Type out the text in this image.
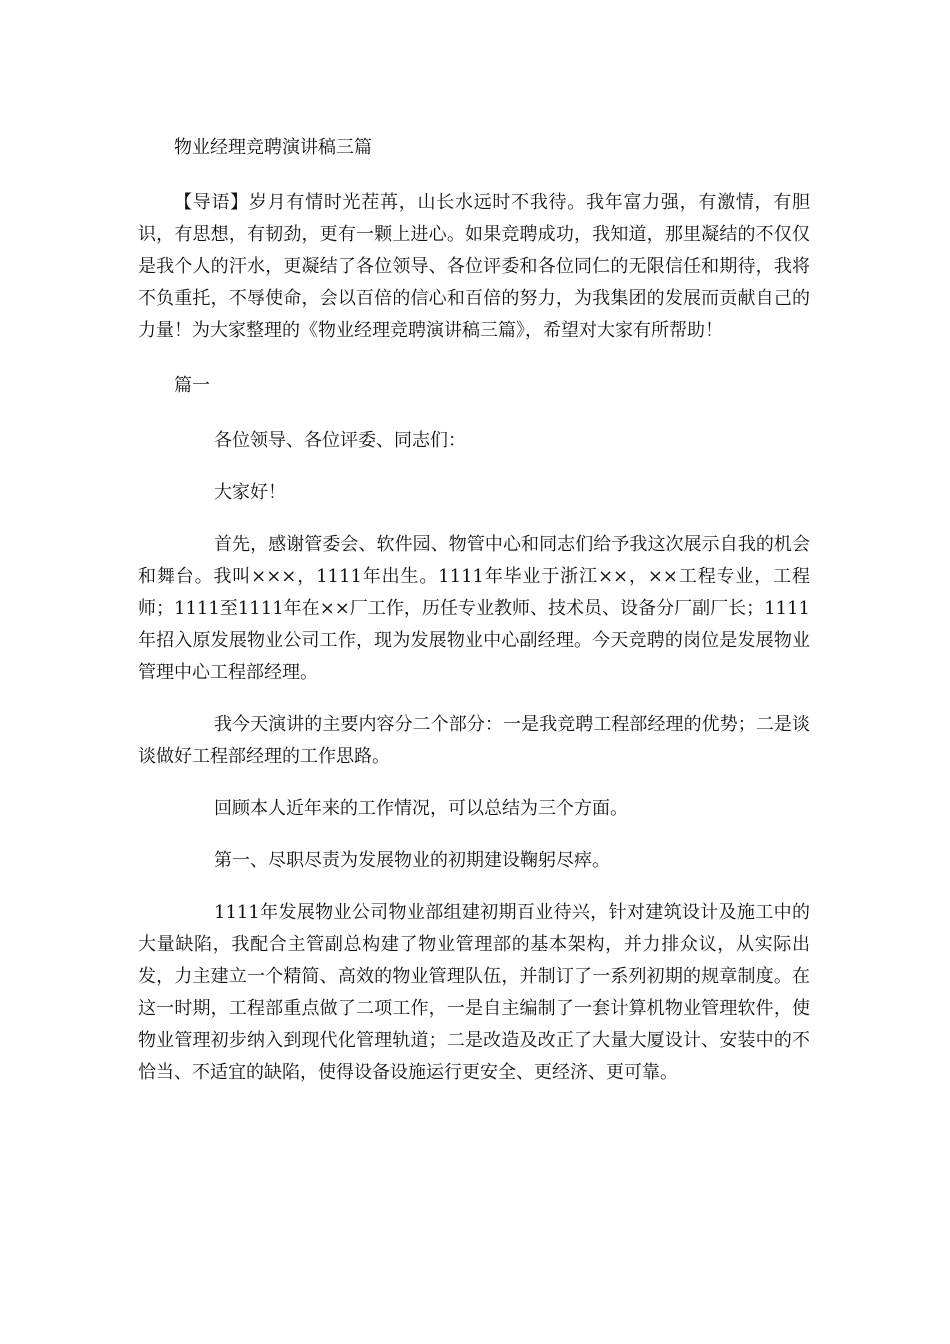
物业经理竞聘演讲稿三篇
【导语】岁月有情时光茬苒，山长水远时不我待。我年富力强，有激情，有胆识，有思想，有韧劲，更有一颗上进心。如果竞聘成功，我知道，那里凝结的不仅仅是我个人的汗水，更凝结了各位领导、各位评委和各位同仁的无限信任和期待，我将不负重托，不辱使命，会以百倍的信心和百倍的努力，为我集团的发展而贡献自己的力量！为大家整理的《物业经理竞聘演讲稿三篇》，希望对大家有所帮助！
篇一
各位领导、各位评委、同志们：
大家好！
首先，感谢管委会、软件园、物管中心和同志们给予我这次展示自我的机会和舞台。我叫×××，1111年出生。1111年毕业于浙江××，××工程专业，工程师；1111至1111年在××厂工作，历任专业教师、技术员、设备分厂副厂长；1111年招入原发展物业公司工作，现为发展物业中心副经理。今天竞聘的岗位是发展物业管理中心工程部经理。
我今天演讲的主要内容分二个部分：一是我竞聘工程部经理的优势；二是谈谈做好工程部经理的工作思路。
回顾本人近年来的工作情况，可以总结为三个方面。
第一、尽职尽责为发展物业的初期建设鞠躬尽瘁。
1111年发展物业公司物业部组建初期百业待兴，针对建筑设计及施工中的大量缺陷，我配合主管副总构建了物业管理部的基本架构，并力排众议，从实际出发，力主建立一个精简、高效的物业管理队伍，并制订了一系列初期的规章制度。在这一时期，工程部重点做了二项工作，一是自主编制了一套计算机物业管理软件，使物业管理初步纳入到现代化管理轨道；二是改造及改正了大量大厦设计、安装中的不恰当、不适宜的缺陷，使得设备设施运行更安全、更经济、更可靠。
